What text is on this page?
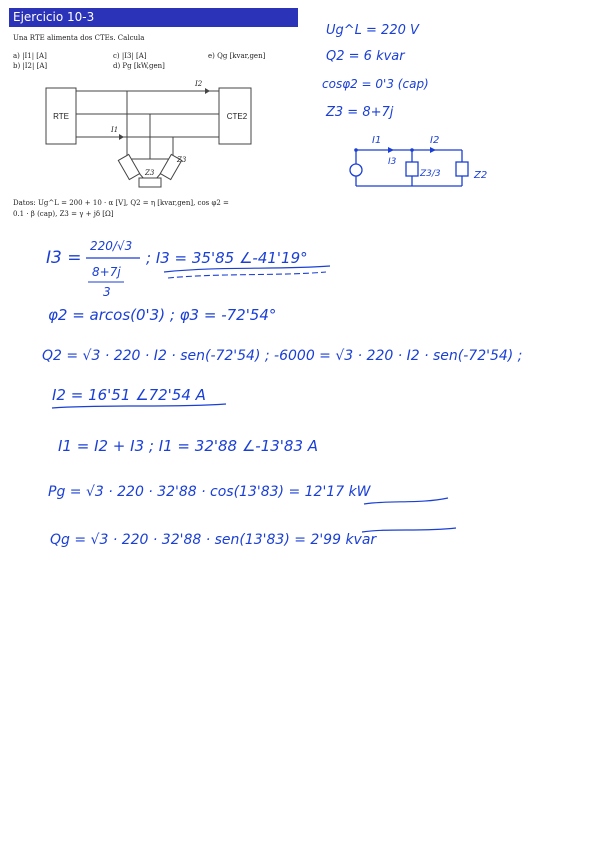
Ejercicio 10-3
Una RTE alimenta dos CTEs. Calcula
a) |I1| [A]
b) |I2| [A]
c) |I3| [A]
d) Pg [kW,gen]
e) Qg [kvar,gen]
Datos: Ug^L = 200 + 10 · α [V], Q2 = η [kvar,gen], cos φ2 =
0.1 · β (cap), Z3 = γ + jδ [Ω]
RTE	CTE2
I2
I1
Z3
Z3
Ug^L = 220 V
Q2 = 6 kvar
cosφ2 = 0'3 (cap)
Z3 = 8+7j
I1	I2
I3
Z3/3	Z2
I3 =
220/√3
8+7j
3
; I3 = 35'85 ∠-41'19°
φ2 = arcos(0'3) ; φ3 = -72'54°
Q2 = √3 · 220 · I2 · sen(-72'54) ; -6000 = √3 · 220 · I2 · sen(-72'54) ;
I2 = 16'51 ∠72'54 A
I1 = I2 + I3 ; I1 = 32'88 ∠-13'83 A
Pg = √3 · 220 · 32'88 · cos(13'83) = 12'17 kW
Qg = √3 · 220 · 32'88 · sen(13'83) = 2'99 kvar
